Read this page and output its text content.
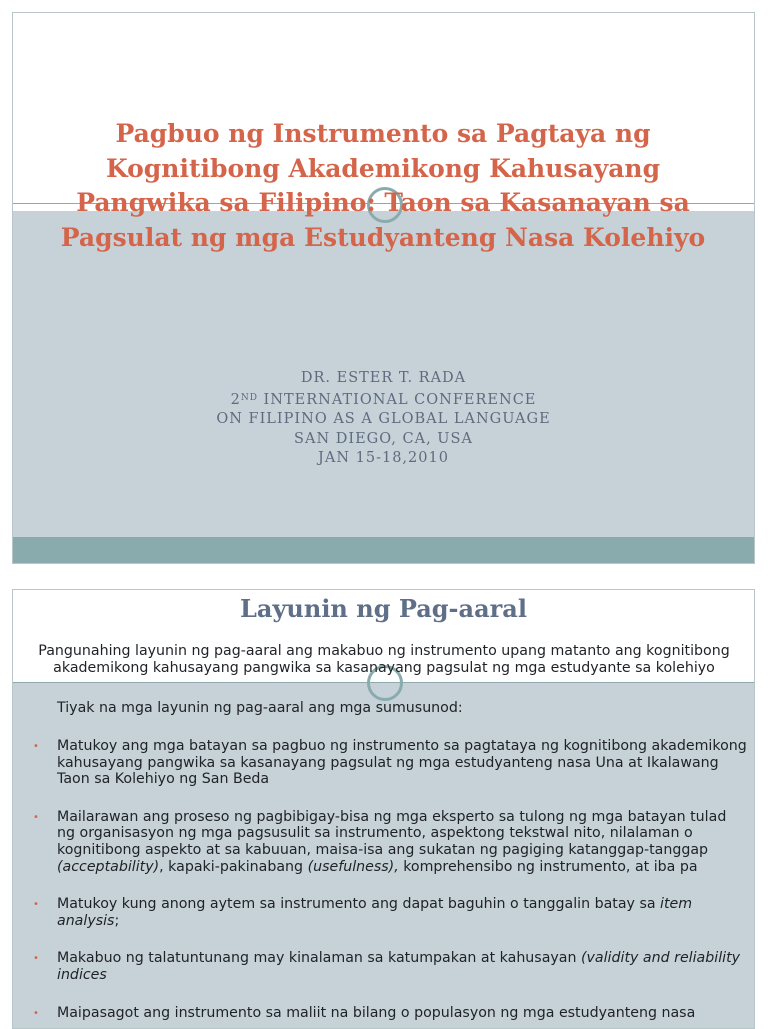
Pagbuo ng Instrumento sa Pagtaya ng Kognitibong Akademikong Kahusayang Pangwika sa Filipino: Taon sa Kasanayan sa Pagsulat ng mga Estudyanteng Nasa Kolehiyo
DR. ESTER T. RADA
2ND INTERNATIONAL CONFERENCE
ON FILIPINO AS A GLOBAL LANGUAGE
SAN DIEGO, CA, USA
JAN 15-18,2010
Layunin ng Pag-aaral
Pangunahing layunin ng pag-aaral ang makabuo ng instrumento upang matanto ang kognitibong akademikong kahusayang pangwika sa kasanayang pagsulat ng mga estudyante sa kolehiyo
Tiyak na mga layunin ng pag-aaral ang mga sumusunod:
• Matukoy ang mga batayan sa pagbuo ng instrumento sa pagtataya ng kognitibong akademikong kahusayang pangwika sa kasanayang pagsulat ng mga estudyanteng nasa Una at Ikalawang Taon sa Kolehiyo ng San Beda
• Mailarawan ang proseso ng pagbibigay-bisa ng mga eksperto sa tulong ng mga batayan tulad ng organisasyon ng mga pagsusulit sa instrumento, aspektong tekstwal nito, nilalaman o kognitibong aspekto at sa kabuuan, maisa-isa ang sukatan ng pagiging katanggap-tanggap (acceptability), kapaki-pakinabang (usefulness), komprehensibo ng instrumento, at iba pa
• Matukoy kung anong aytem sa instrumento ang dapat baguhin o tanggalin batay sa item analysis;
• Makabuo ng talatuntunang may kinalaman sa katumpakan at kahusayan (validity and reliability indices
• Maipasagot ang instrumento sa maliit na bilang o populasyon ng mga estudyanteng nasa
